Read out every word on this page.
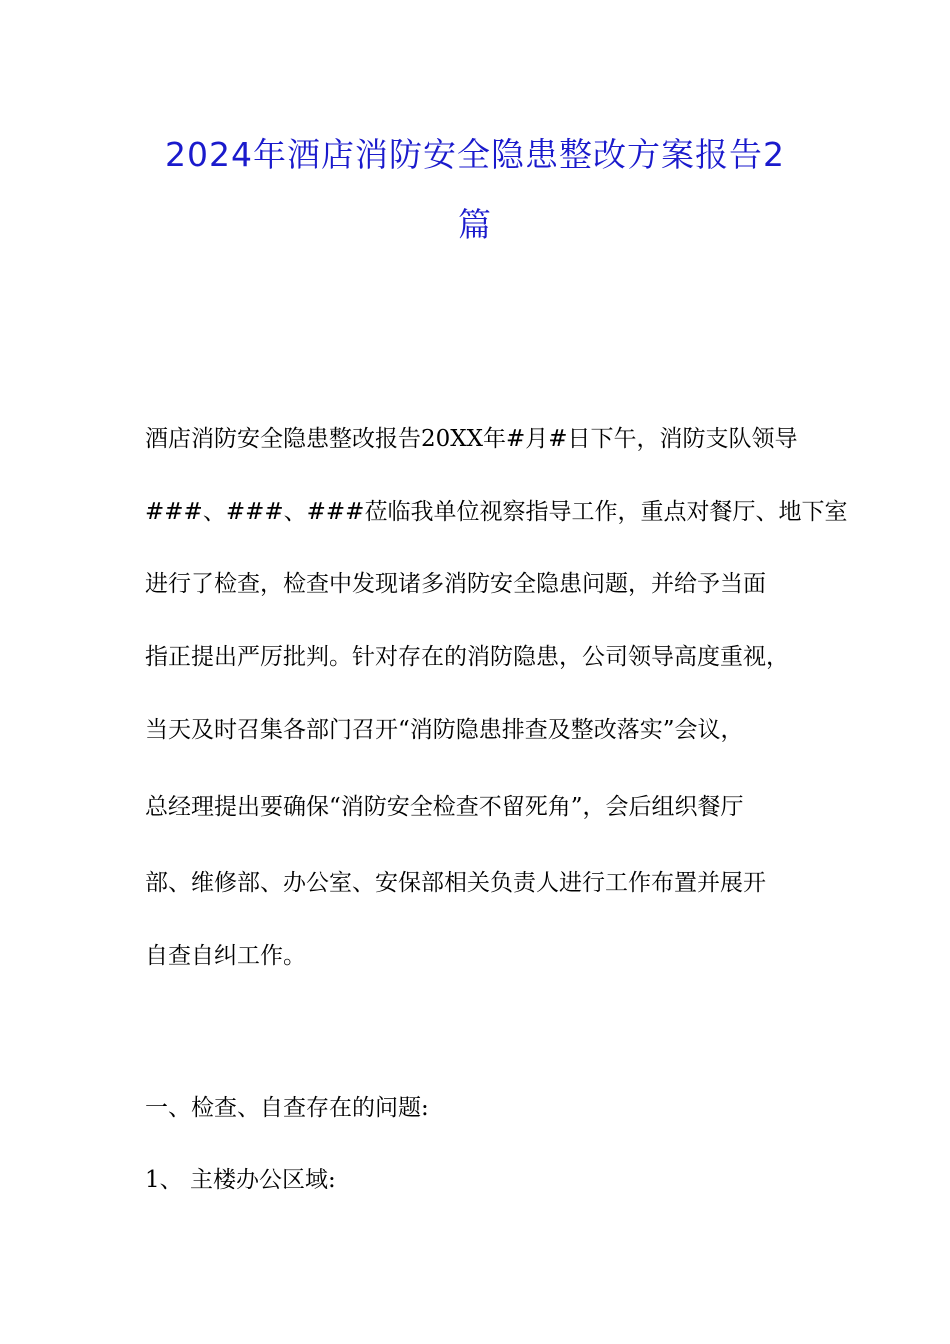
2024年酒店消防安全隐患整改方案报告2
篇
酒店消防安全隐患整改报告20XX年#月#日下午，消防支队领导
###、###、###莅临我单位视察指导工作，重点对餐厅、地下室
进行了检查，检查中发现诸多消防安全隐患问题，并给予当面
指正提出严厉批判。针对存在的消防隐患，公司领导高度重视，
当天及时召集各部门召开“消防隐患排查及整改落实”会议，
总经理提出要确保“消防安全检查不留死角”，会后组织餐厅
部、维修部、办公室、安保部相关负责人进行工作布置并展开
自查自纠工作。
一、检查、自查存在的问题:
1、 主楼办公区域:
